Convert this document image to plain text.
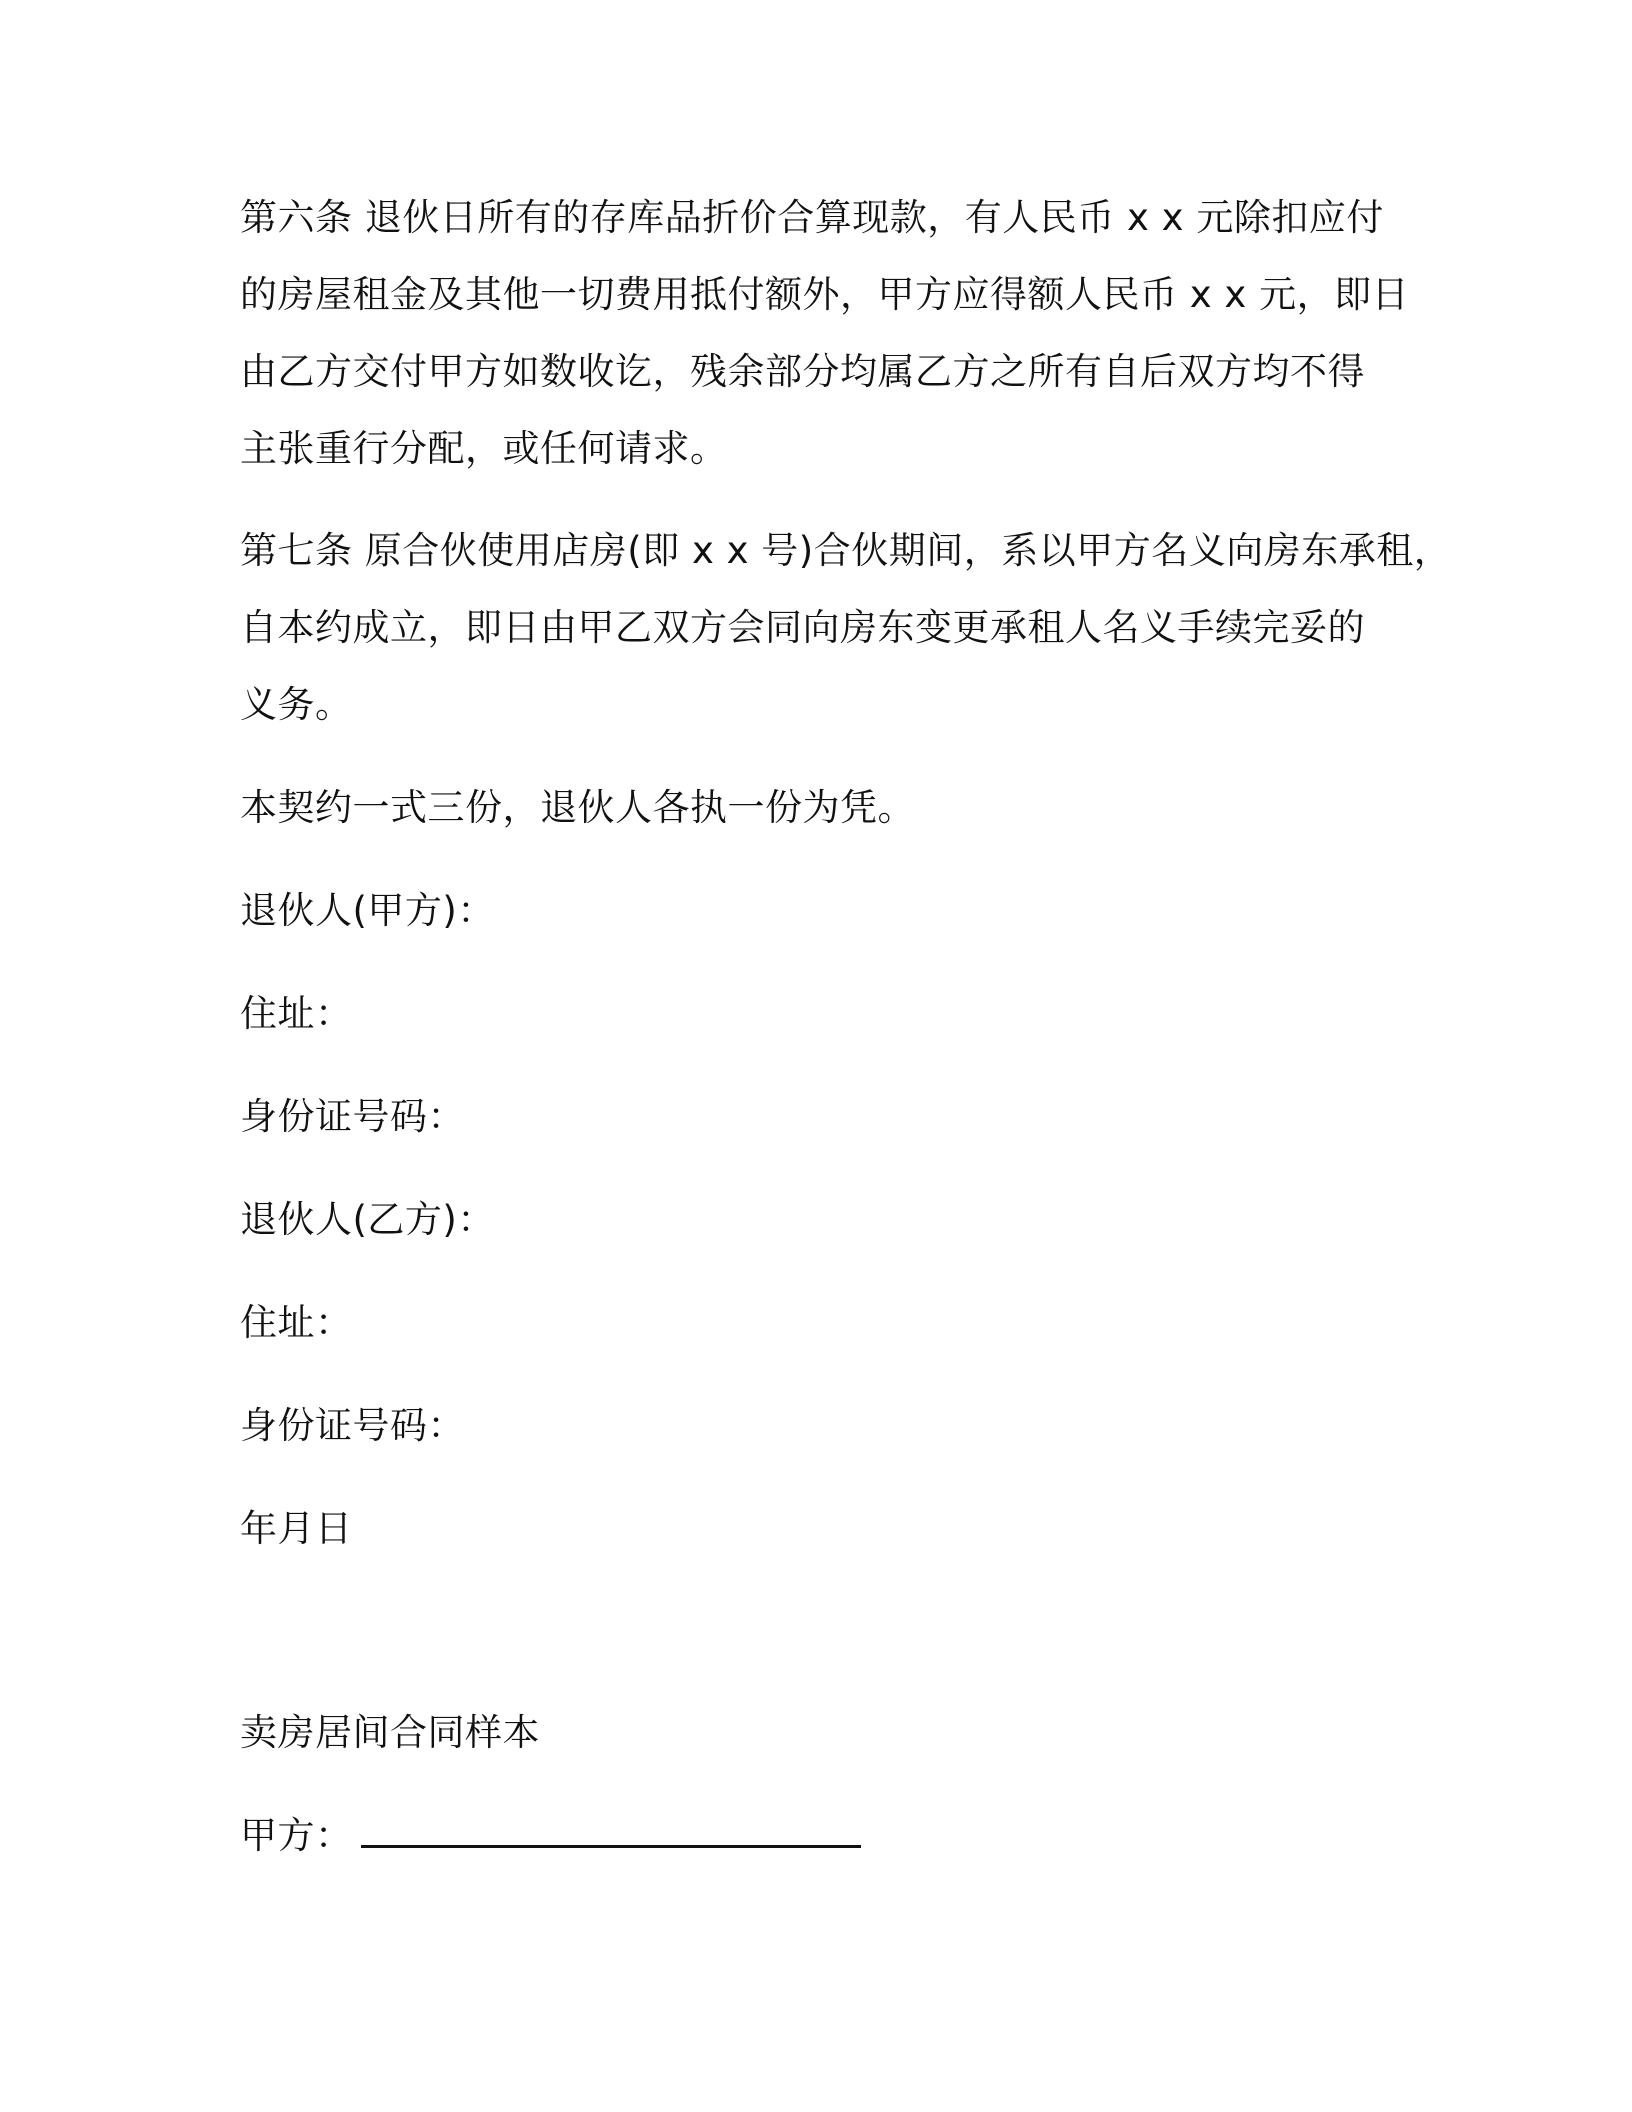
第六条 退伙日所有的存库品折价合算现款，有人民币 x x 元除扣应付
的房屋租金及其他一切费用抵付额外，甲方应得额人民币 x x 元，即日
由乙方交付甲方如数收讫，残余部分均属乙方之所有自后双方均不得
主张重行分配，或任何请求。
第七条 原合伙使用店房(即 x x 号)合伙期间，系以甲方名义向房东承租，
自本约成立，即日由甲乙双方会同向房东变更承租人名义手续完妥的
义务。
本契约一式三份，退伙人各执一份为凭。
退伙人(甲方)：
住址：
身份证号码：
退伙人(乙方)：
住址：
身份证号码：
年月日
卖房居间合同样本
甲方：
